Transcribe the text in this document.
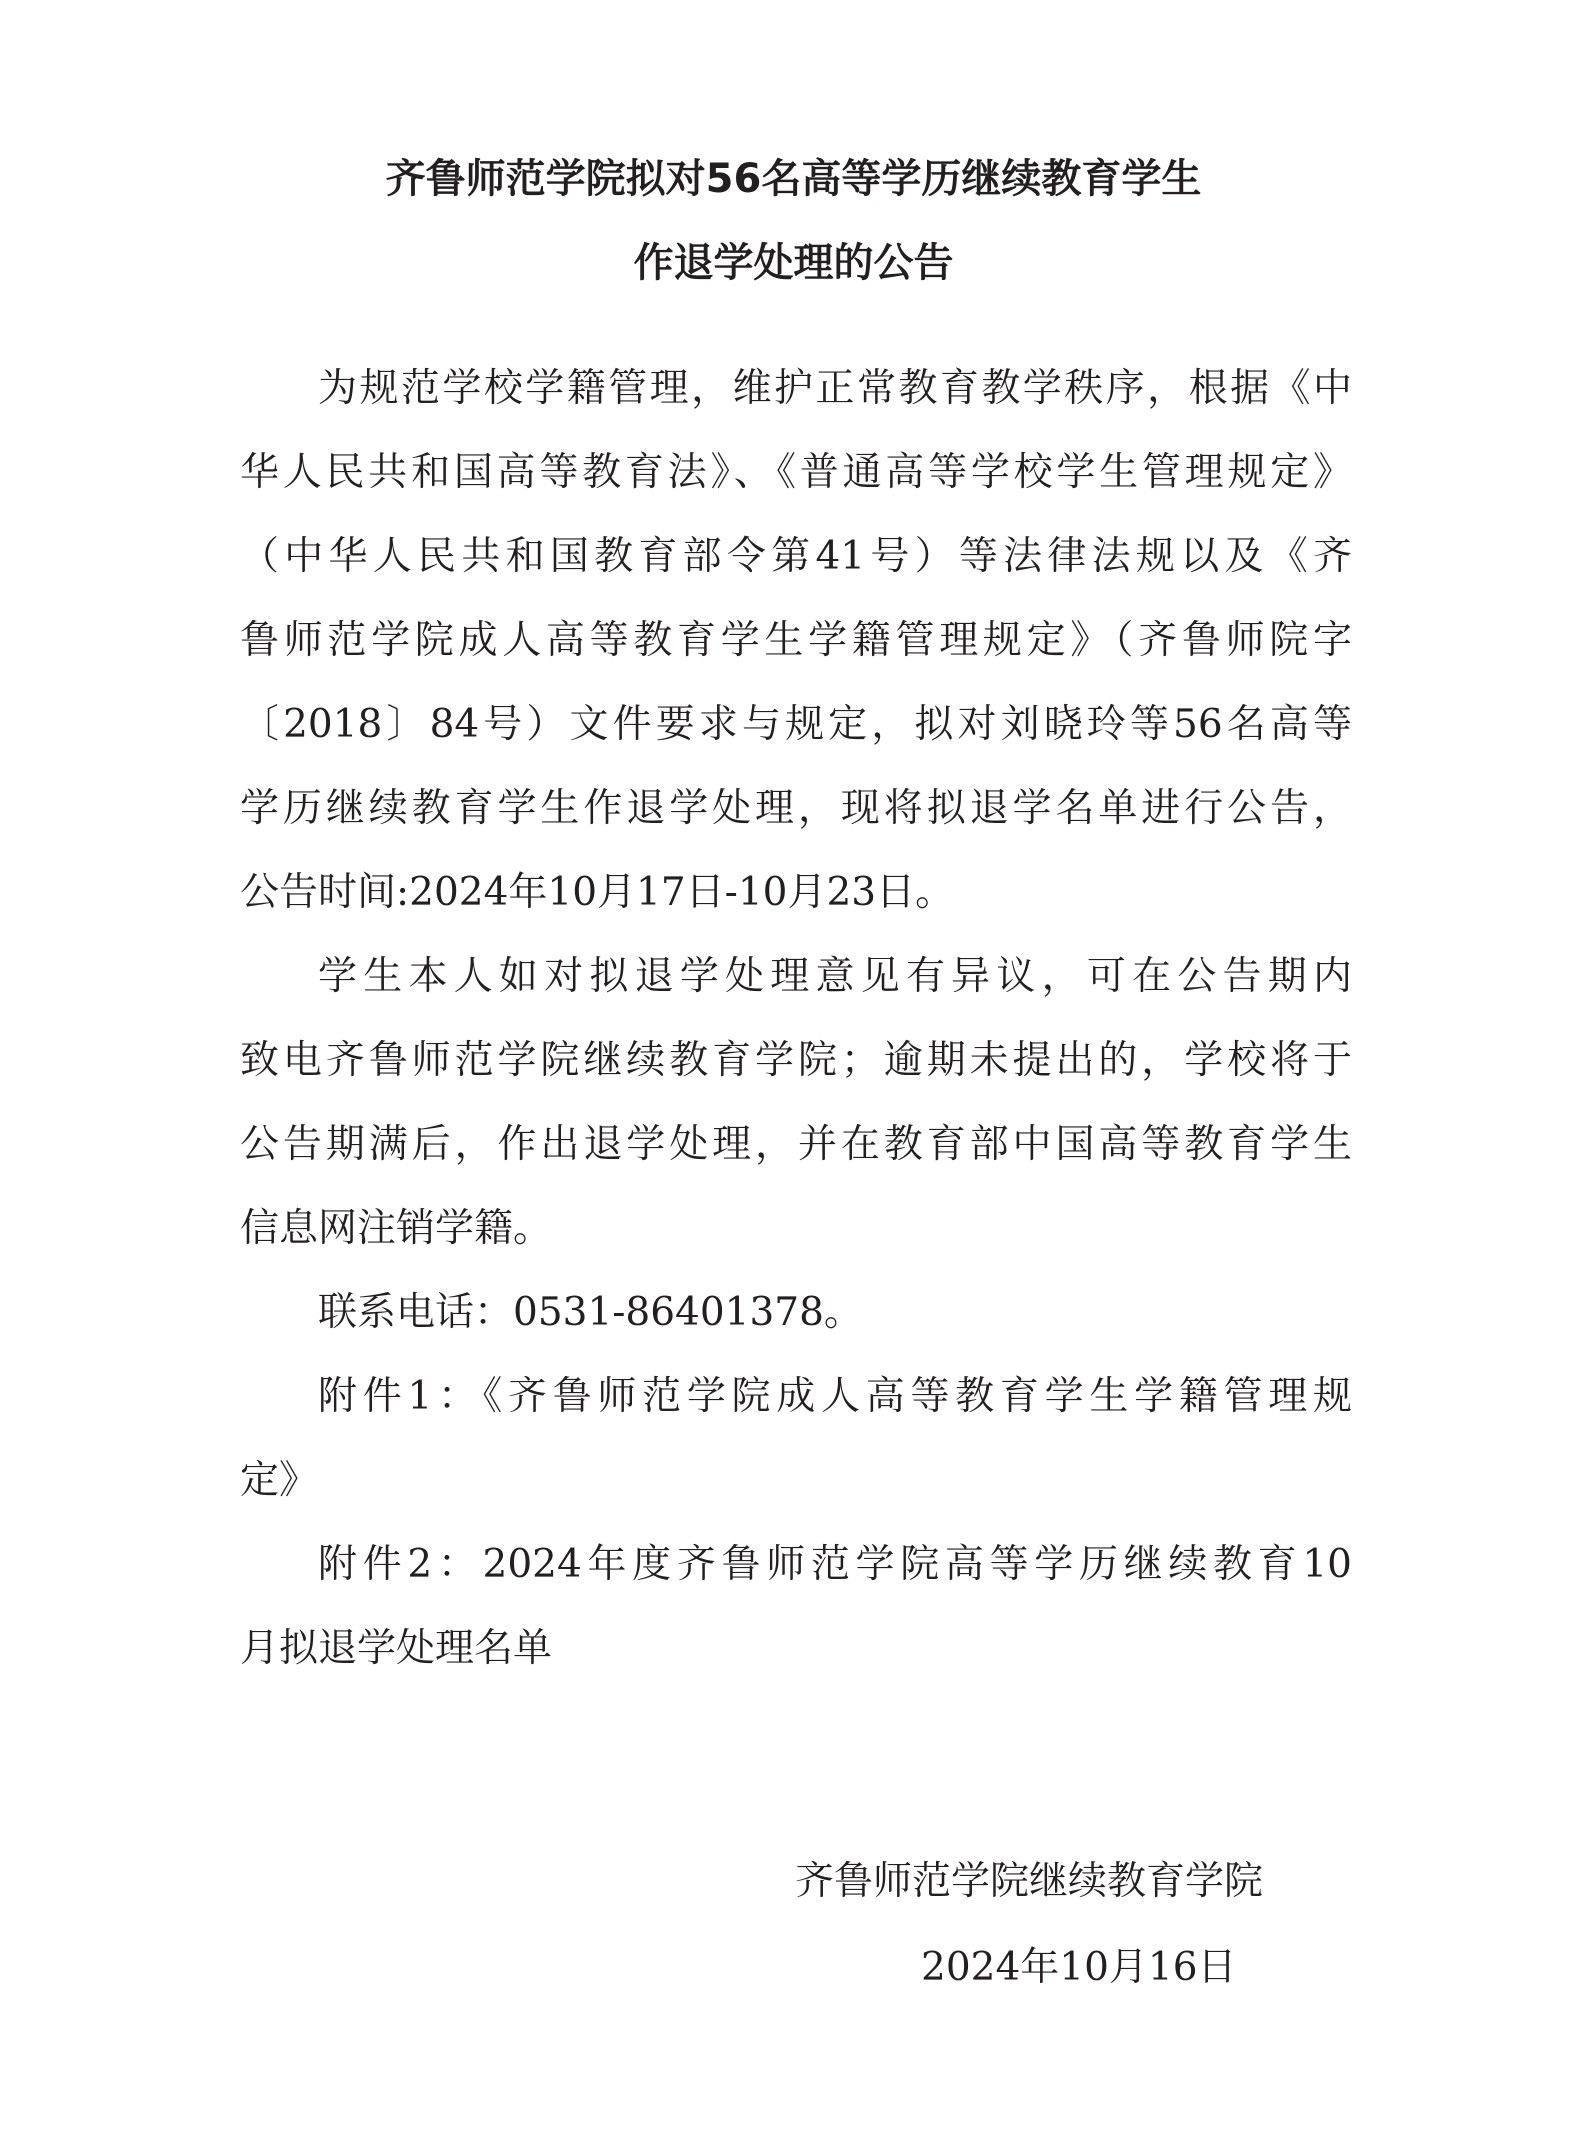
齐鲁师范学院拟对56名高等学历继续教育学生
作退学处理的公告
为规范学校学籍管理，维护正常教育教学秩序，根据《中
华人民共和国高等教育法》、《普通高等学校学生管理规定》
（中华人民共和国教育部令第41号）等法律法规以及《齐
鲁师范学院成人高等教育学生学籍管理规定》（齐鲁师院字
〔2018〕84号）文件要求与规定，拟对刘晓玲等56名高等
学历继续教育学生作退学处理，现将拟退学名单进行公告，
公告时间:2024年10月17日-10月23日。
学生本人如对拟退学处理意见有异议，可在公告期内
致电齐鲁师范学院继续教育学院；逾期未提出的，学校将于
公告期满后，作出退学处理，并在教育部中国高等教育学生
信息网注销学籍。
联系电话：0531-86401378。
附件1：《齐鲁师范学院成人高等教育学生学籍管理规
定》
附件2：2024年度齐鲁师范学院高等学历继续教育10
月拟退学处理名单
齐鲁师范学院继续教育学院
2024年10月16日
